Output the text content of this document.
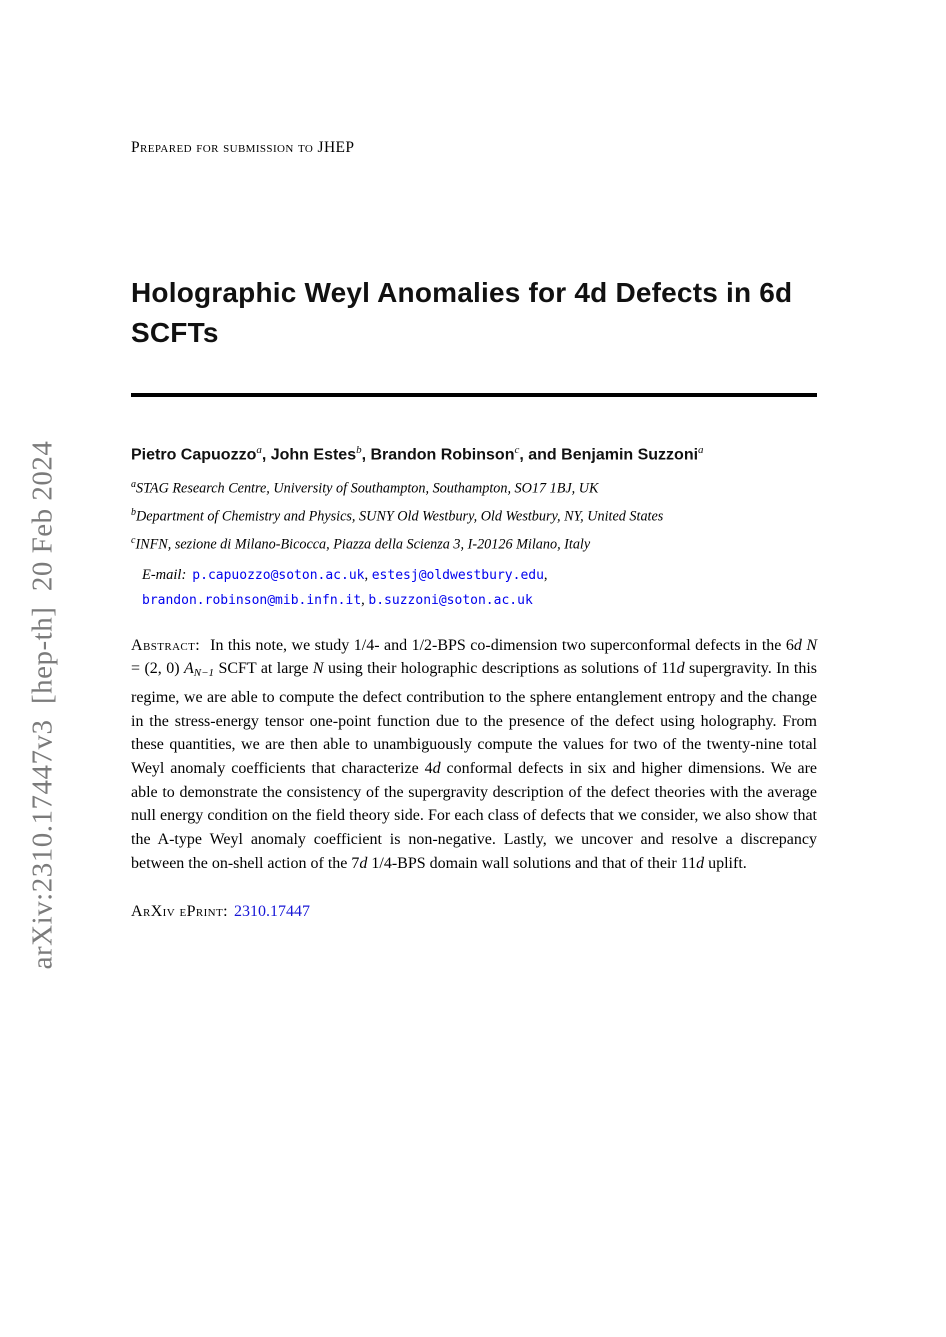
arXiv:2310.17447v3  [hep-th]  20 Feb 2024
Prepared for submission to JHEP
Holographic Weyl Anomalies for 4d Defects in 6d
SCFTs
Pietro Capuozzo$^a$, John Estes$^b$, Brandon Robinson$^c$, and Benjamin Suzzoni$^a$
$^a$STAG Research Centre, University of Southampton, Southampton, SO17 1BJ, UK
$^b$Department of Chemistry and Physics, SUNY Old Westbury, Old Westbury, NY, United States
$^c$INFN, sezione di Milano-Bicocca, Piazza della Scienza 3, I-20126 Milano, Italy
E-mail: p.capuozzo@soton.ac.uk, estesj@oldwestbury.edu,
brandon.robinson@mib.infn.it, b.suzzoni@soton.ac.uk

Abstract: In this note, we study 1/4- and 1/2-BPS co-dimension two superconformal defects in the 6d N = (2, 0) AN−1 SCFT at large N using their holographic descriptions as solutions of 11d supergravity. In this regime, we are able to compute the defect contribution to the sphere entanglement entropy and the change in the stress-energy tensor one-point function due to the presence of the defect using holography. From these quantities, we are then able to unambiguously compute the values for two of the twenty-nine total Weyl anomaly coefficients that characterize 4d conformal defects in six and higher dimensions. We are able to demonstrate the consistency of the supergravity description of the defect theories with the average null energy condition on the field theory side. For each class of defects that we consider, we also show that the A-type Weyl anomaly coefficient is non-negative. Lastly, we uncover and resolve a discrepancy between the on-shell action of the 7d 1/4-BPS domain wall solutions and that of their 11d uplift.

ArXiv ePrint: 2310.17447
